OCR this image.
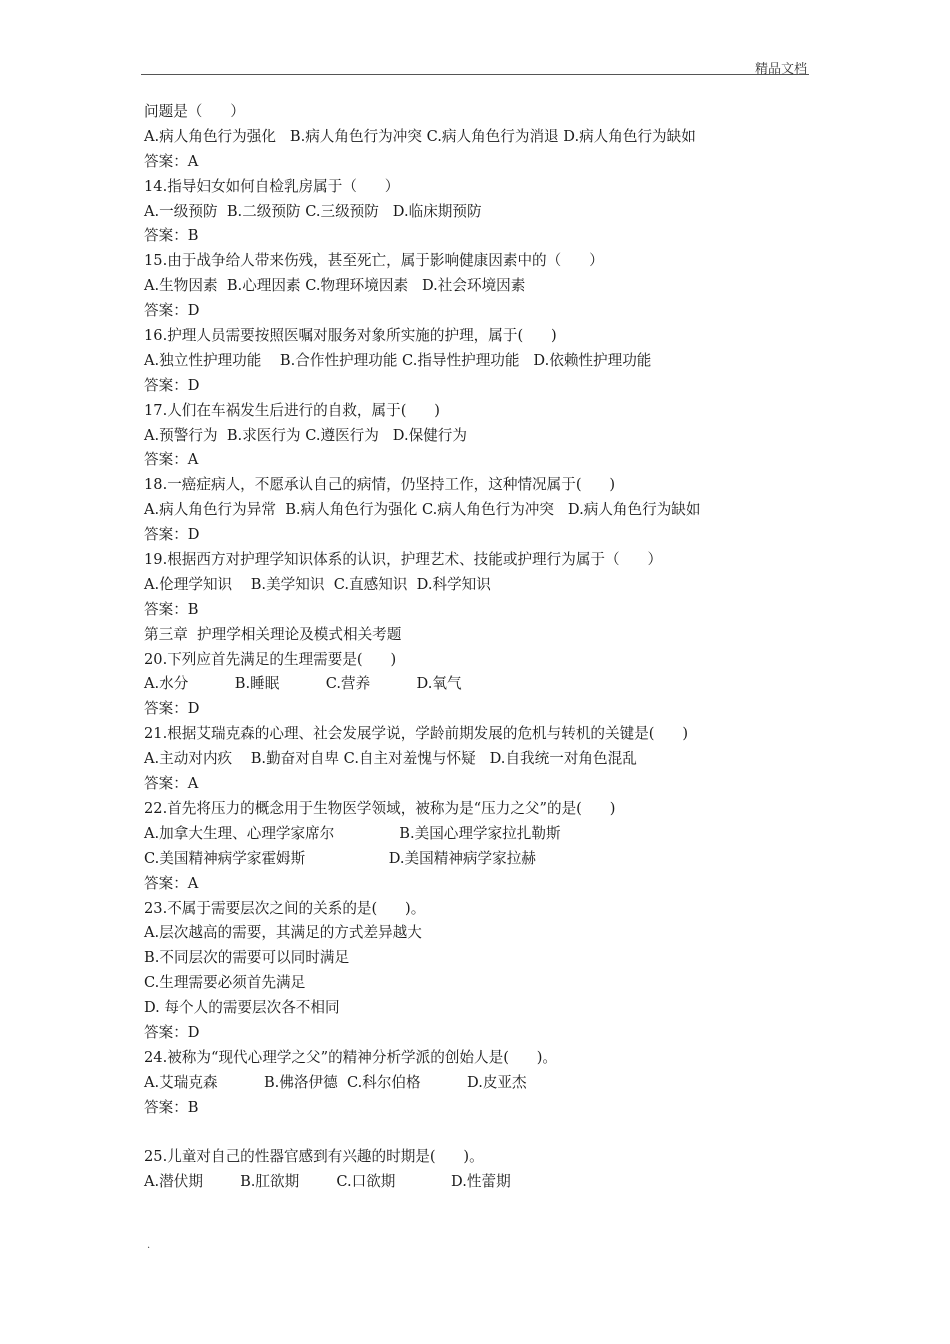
精品文档
问题是（      ）
A.病人角色行为强化   B.病人角色行为冲突 C.病人角色行为消退 D.病人角色行为缺如
答案：A
14.指导妇女如何自检乳房属于（      ）
A.一级预防  B.二级预防 C.三级预防   D.临床期预防
答案：B
15.由于战争给人带来伤残，甚至死亡，属于影响健康因素中的（      ）
A.生物因素  B.心理因素 C.物理环境因素   D.社会环境因素
答案：D
16.护理人员需要按照医嘱对服务对象所实施的护理，属于(      )
A.独立性护理功能    B.合作性护理功能 C.指导性护理功能   D.依赖性护理功能
答案：D
17.人们在车祸发生后进行的自救，属于(      )
A.预警行为  B.求医行为 C.遵医行为   D.保健行为
答案：A
18.一癌症病人，不愿承认自己的病情，仍坚持工作，这种情况属于(      )
A.病人角色行为异常  B.病人角色行为强化 C.病人角色行为冲突   D.病人角色行为缺如
答案：D
19.根据西方对护理学知识体系的认识，护理艺术、技能或护理行为属于（      ）
A.伦理学知识    B.美学知识  C.直感知识  D.科学知识
答案：B
第三章  护理学相关理论及模式相关考题
20.下列应首先满足的生理需要是(      )
A.水分          B.睡眠          C.营养          D.氧气
答案：D
21.根据艾瑞克森的心理、社会发展学说，学龄前期发展的危机与转机的关键是(      )
A.主动对内疚    B.勤奋对自卑 C.自主对羞愧与怀疑   D.自我统一对角色混乱
答案：A
22.首先将压力的概念用于生物医学领域，被称为是“压力之父”的是(      )
A.加拿大生理、心理学家席尔              B.美国心理学家拉扎勒斯
C.美国精神病学家霍姆斯                  D.美国精神病学家拉赫
答案：A
23.不属于需要层次之间的关系的是(      )。
A.层次越高的需要，其满足的方式差异越大
B.不同层次的需要可以同时满足
C.生理需要必须首先满足
D. 每个人的需要层次各不相同
答案：D
24.被称为“现代心理学之父”的精神分析学派的创始人是(      )。
A.艾瑞克森          B.佛洛伊德  C.科尔伯格          D.皮亚杰
答案：B
25.儿童对自己的性器官感到有兴趣的时期是(      )。
A.潜伏期        B.肛欲期        C.口欲期            D.性蕾期
.
